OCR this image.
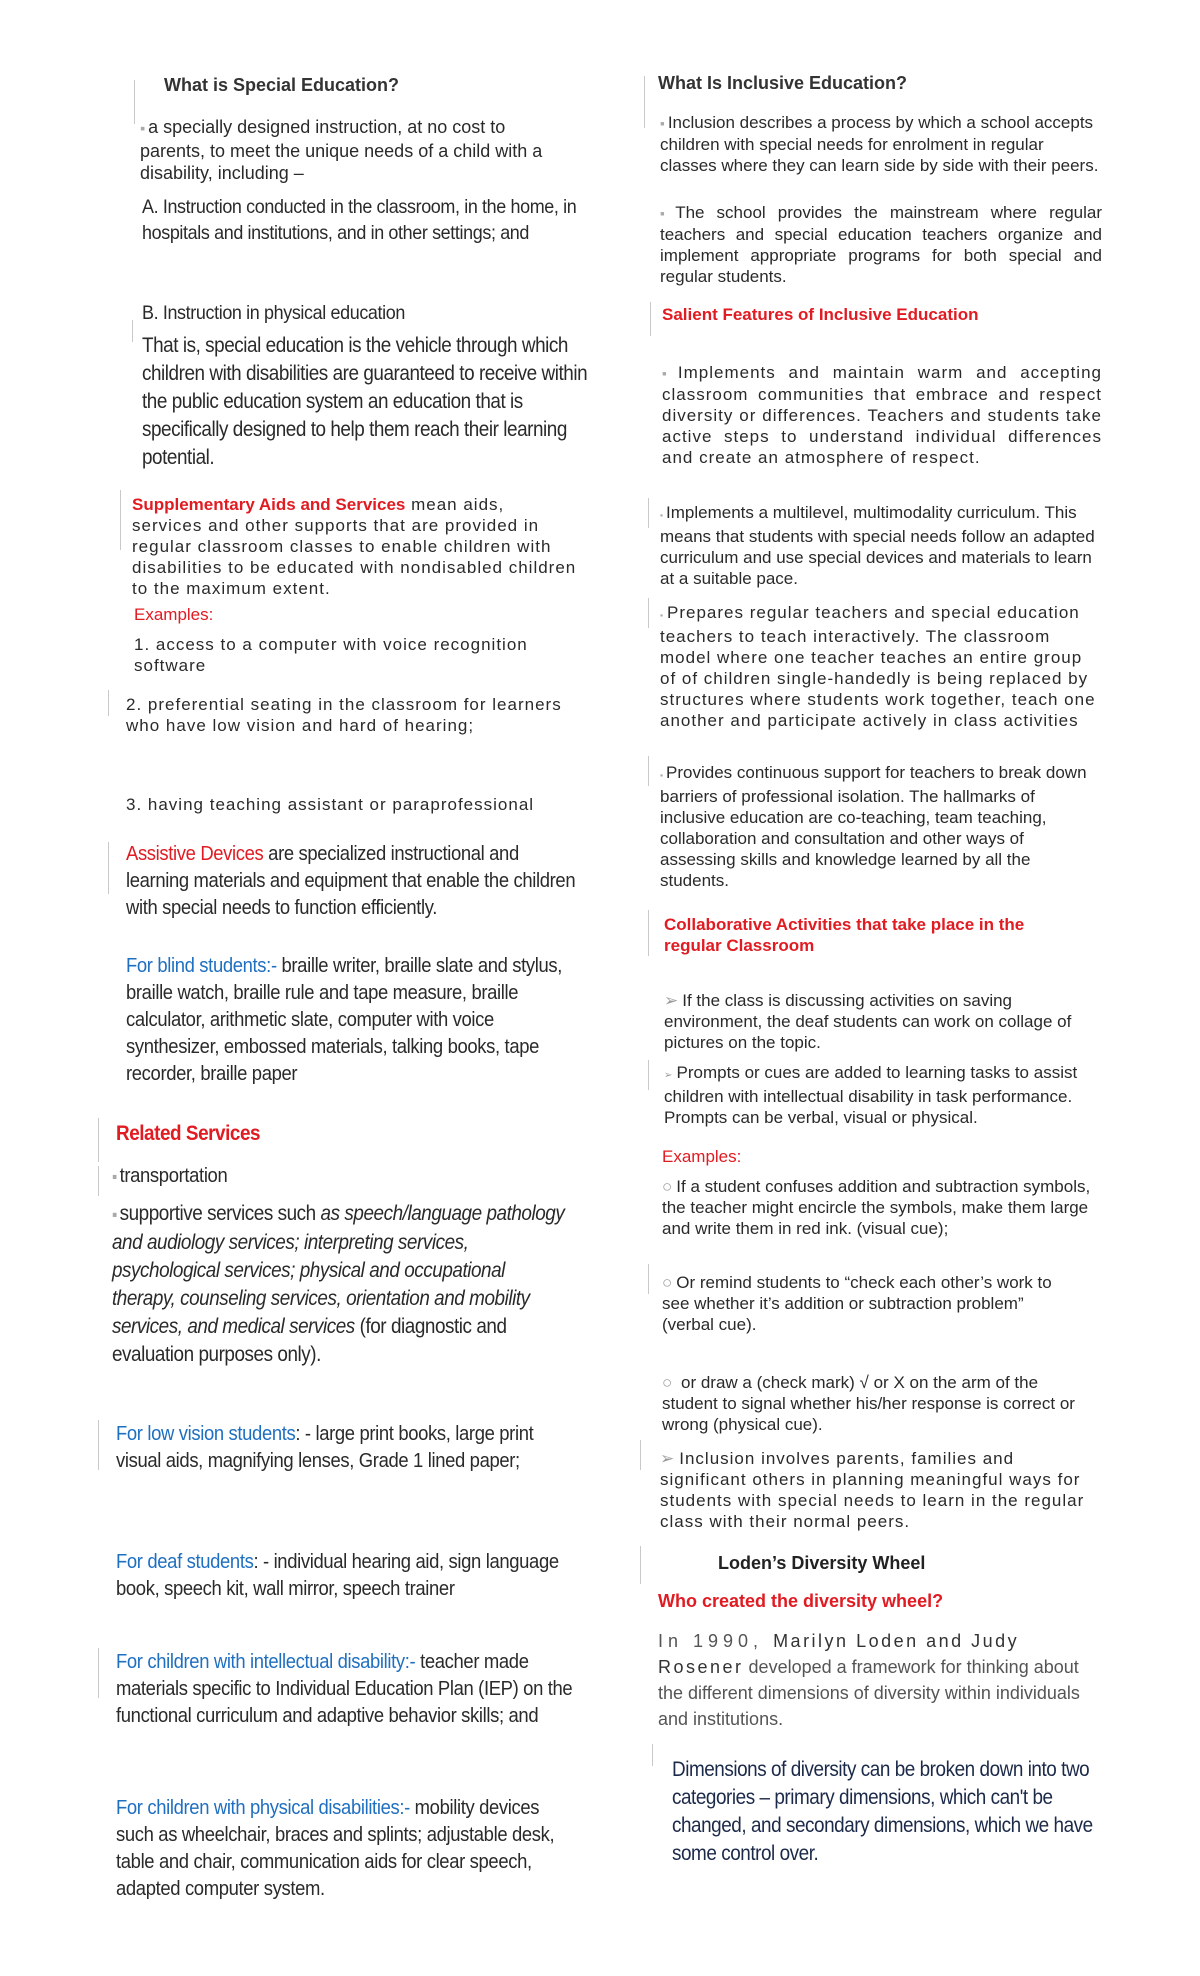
What is Special Education?
▪ a specially designed instruction, at no cost to parents, to meet the unique needs of a child with a disability, including –
A. Instruction conducted in the classroom, in the home, in hospitals and institutions, and in other settings; and
B. Instruction in physical education
That is, special education is the vehicle through which children with disabilities are guaranteed to receive within the public education system an education that is specifically designed to help them reach their learning potential.
Supplementary Aids and Services mean aids, services and other supports that are provided in regular classroom classes to enable children with disabilities to be educated with nondisabled children to the maximum extent.
Examples:
1. access to a computer with voice recognition software
2. preferential seating in the classroom for learners who have low vision and hard of hearing;
3. having teaching assistant or paraprofessional
Assistive Devices are specialized instructional and learning materials and equipment that enable the children with special needs to function efficiently.
For blind students:- braille writer, braille slate and stylus, braille watch, braille rule and tape measure, braille calculator, arithmetic slate, computer with voice synthesizer, embossed materials, talking books, tape recorder, braille paper
Related Services
▪ transportation
▪ supportive services such as speech/language pathology and audiology services; interpreting services, psychological services; physical and occupational therapy, counseling services, orientation and mobility services, and medical services (for diagnostic and evaluation purposes only).
For low vision students: - large print books, large print visual aids, magnifying lenses, Grade 1 lined paper;
For deaf students: - individual hearing aid, sign language book, speech kit, wall mirror, speech trainer
For children with intellectual disability:- teacher made materials specific to Individual Education Plan (IEP) on the functional curriculum and adaptive behavior skills; and
For children with physical disabilities:- mobility devices such as wheelchair, braces and splints; adjustable desk, table and chair, communication aids for clear speech, adapted computer system.
What Is Inclusive Education?
▪ Inclusion describes a process by which a school accepts children with special needs for enrolment in regular classes where they can learn side by side with their peers.
▪ The school provides the mainstream where regular teachers and special education teachers organize and implement appropriate programs for both special and regular students.
Salient Features of Inclusive Education
▪ Implements and maintain warm and accepting classroom communities that embrace and respect diversity or differences. Teachers and students take active steps to understand individual differences and create an atmosphere of respect.
▪ Implements a multilevel, multimodality curriculum. This means that students with special needs follow an adapted curriculum and use special devices and materials to learn at a suitable pace.
▪ Prepares regular teachers and special education teachers to teach interactively. The classroom model where one teacher teaches an entire group of of children single-handedly is being replaced by structures where students work together, teach one another and participate actively in class activities
▪ Provides continuous support for teachers to break down barriers of professional isolation. The hallmarks of inclusive education are co-teaching, team teaching, collaboration and consultation and other ways of assessing skills and knowledge learned by all the students.
Collaborative Activities that take place in the regular Classroom
➢ If the class is discussing activities on saving environment, the deaf students can work on collage of pictures on the topic.
➢ Prompts or cues are added to learning tasks to assist children with intellectual disability in task performance. Prompts can be verbal, visual or physical.
Examples:
○ If a student confuses addition and subtraction symbols, the teacher might encircle the symbols, make them large and write them in red ink. (visual cue);
○ Or remind students to “check each other’s work to see whether it’s addition or subtraction problem” (verbal cue).
○ or draw a (check mark) √ or X on the arm of the student to signal whether his/her response is correct or wrong (physical cue).
➢ Inclusion involves parents, families and significant others in planning meaningful ways for students with special needs to learn in the regular class with their normal peers.
Loden’s Diversity Wheel
Who created the diversity wheel?
In 1990, Marilyn Loden and Judy Rosener developed a framework for thinking about the different dimensions of diversity within individuals and institutions.
Dimensions of diversity can be broken down into two categories – primary dimensions, which can't be changed, and secondary dimensions, which we have some control over.
